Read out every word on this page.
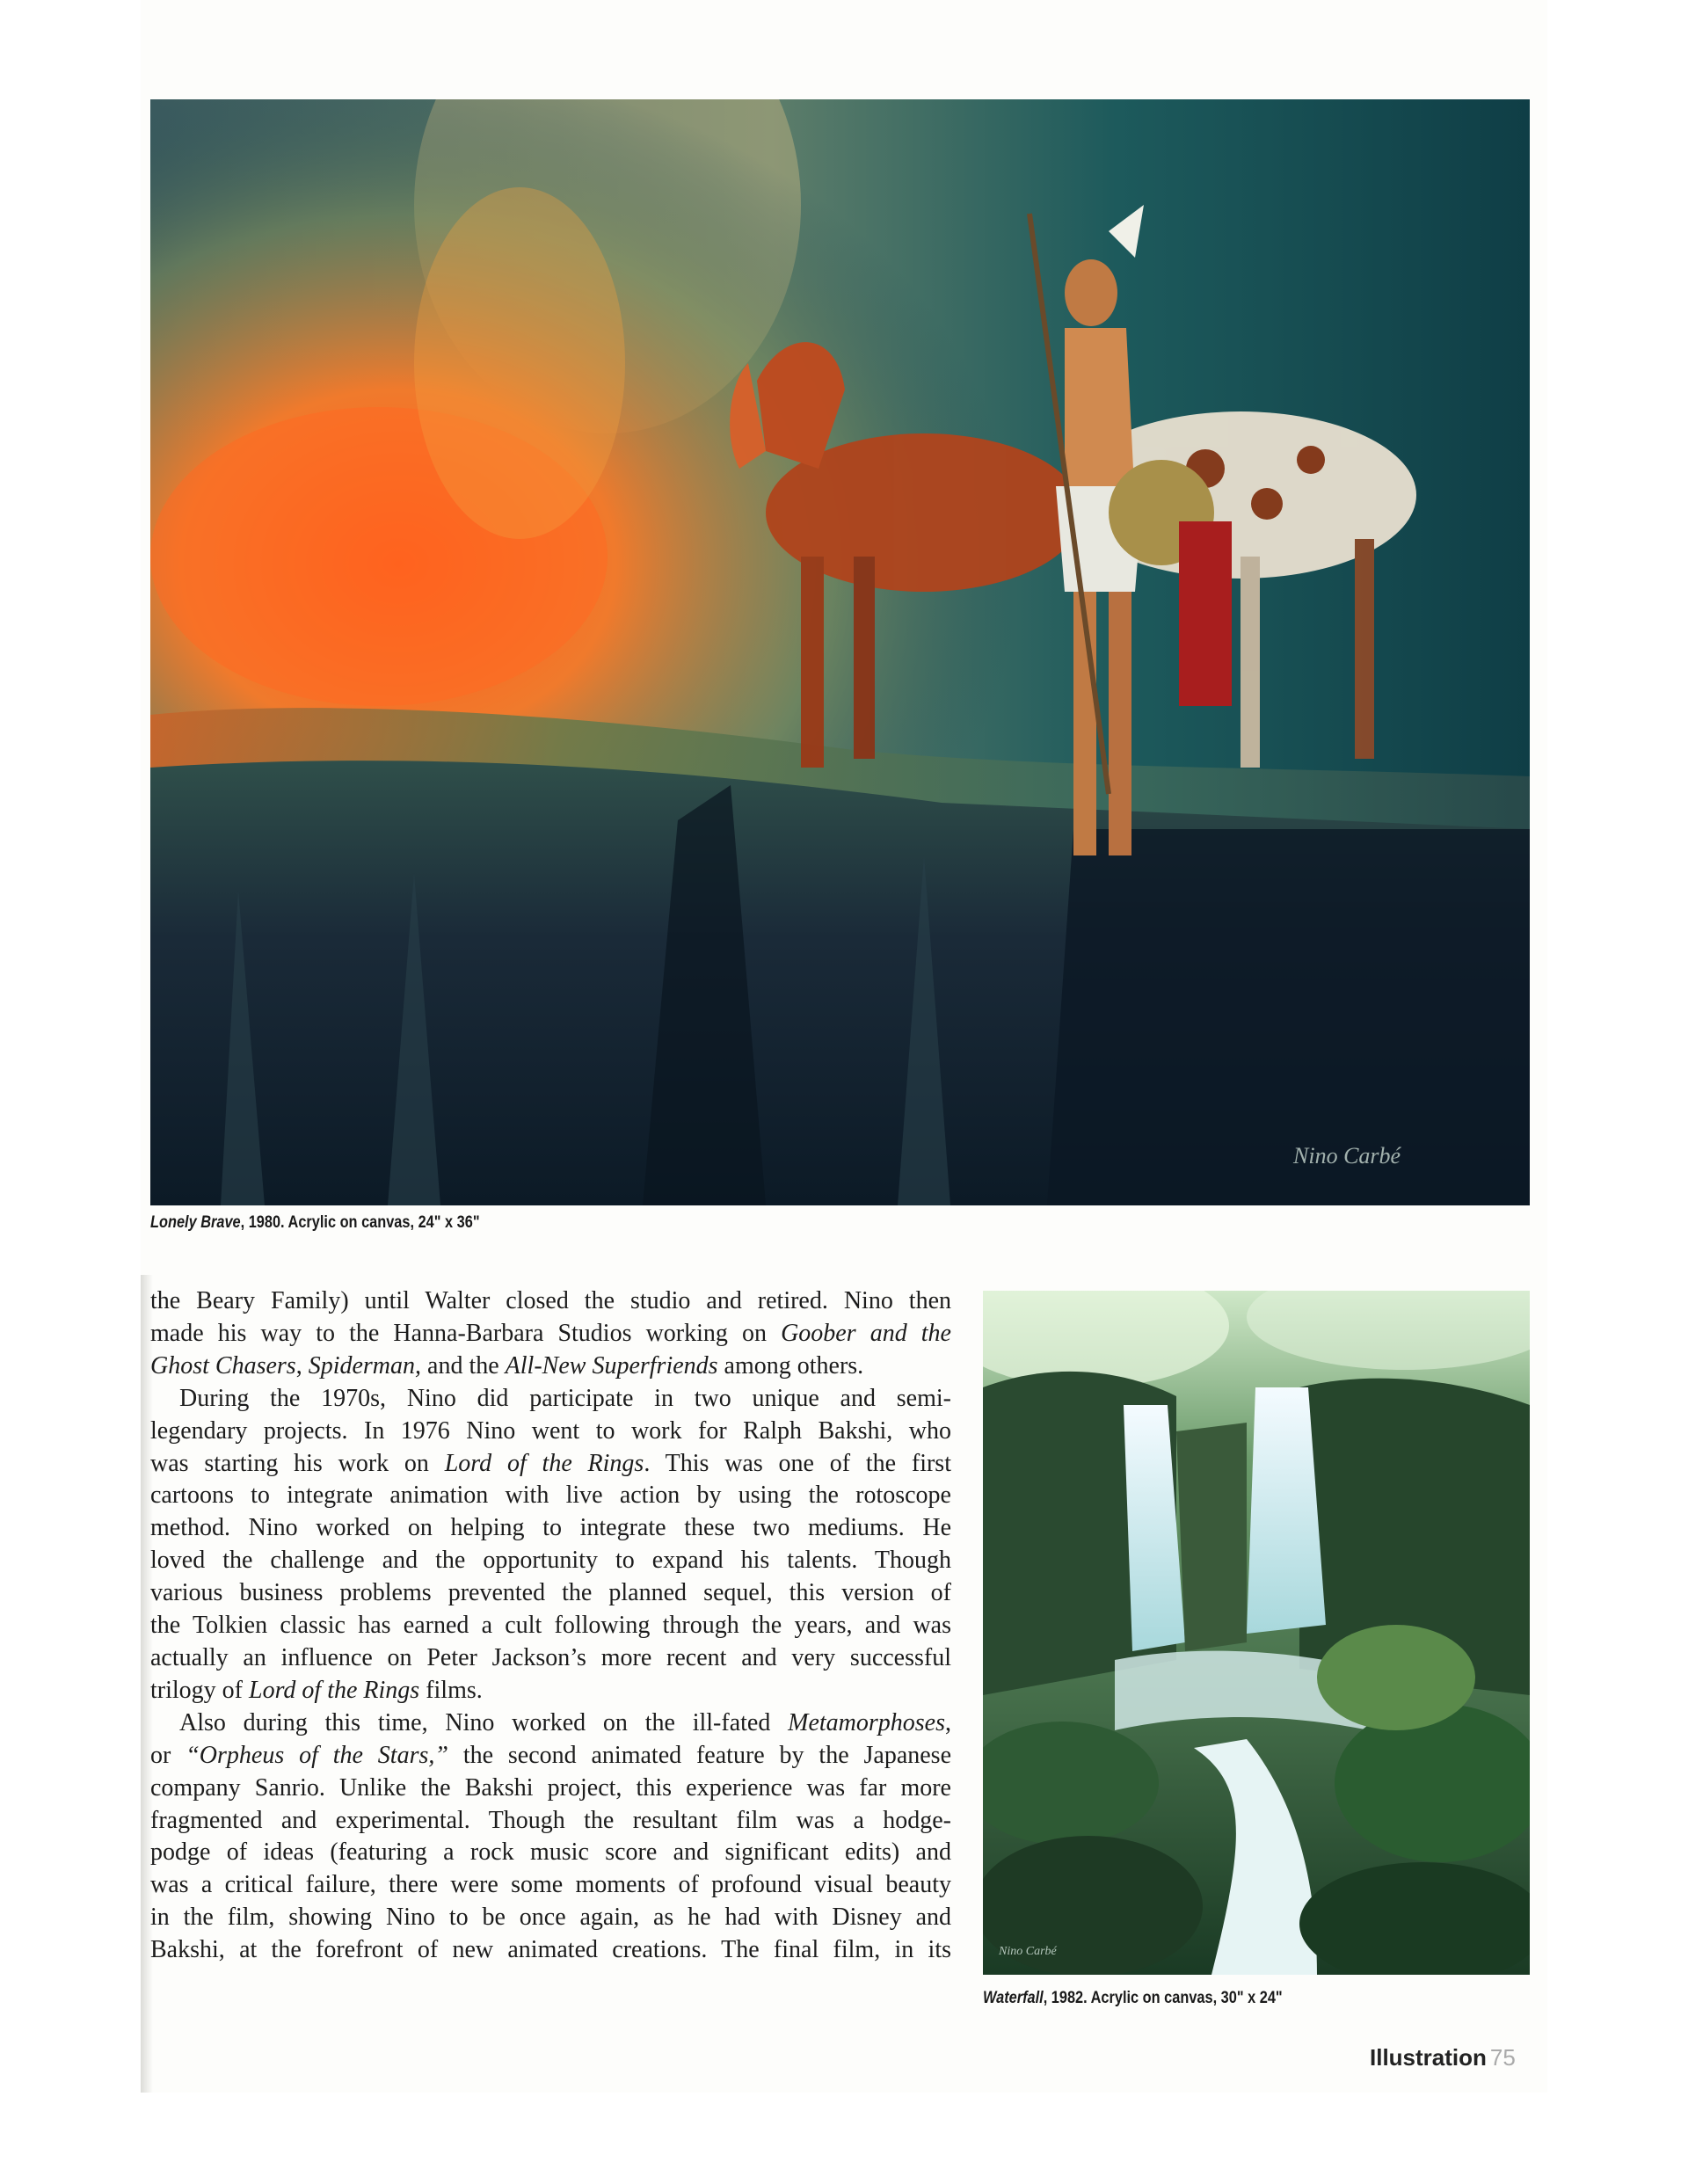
Nino Carbé
Lonely Brave, 1980. Acrylic on canvas, 24" x 36"

the Beary Family) until Walter closed the studio and retired. Nino then
made his way to the Hanna-Barbara Studios working on Goober and the
Ghost Chasers, Spiderman, and the All-New Superfriends among others.

During the 1970s, Nino did participate in two unique and semi-
legendary projects. In 1976 Nino went to work for Ralph Bakshi, who
was starting his work on Lord of the Rings. This was one of the first
cartoons to integrate animation with live action by using the rotoscope
method. Nino worked on helping to integrate these two mediums. He
loved the challenge and the opportunity to expand his talents. Though
various business problems prevented the planned sequel, this version of
the Tolkien classic has earned a cult following through the years, and was
actually an influence on Peter Jackson’s more recent and very successful
trilogy of Lord of the Rings films.

Also during this time, Nino worked on the ill-fated Metamorphoses,
or “Orpheus of the Stars,” the second animated feature by the Japanese
company Sanrio. Unlike the Bakshi project, this experience was far more
fragmented and experimental. Though the resultant film was a hodge-
podge of ideas (featuring a rock music score and significant edits) and
was a critical failure, there were some moments of profound visual beauty
in the film, showing Nino to be once again, as he had with Disney and
Bakshi, at the forefront of new animated creations. The final film, in its	Nino Carbé
Waterfall, 1982. Acrylic on canvas, 30" x 24"
Illustration 75
